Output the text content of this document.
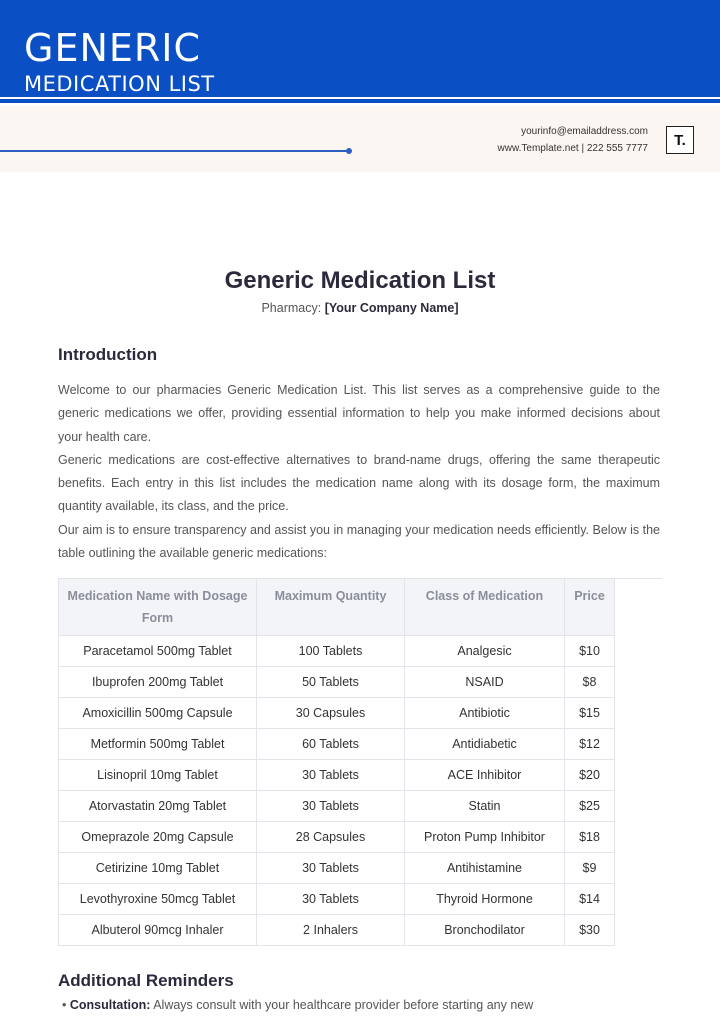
GENERIC
MEDICATION LIST
yourinfo@emailaddress.com
www.Template.net | 222 555 7777	T.
Generic Medication List
Pharmacy: [Your Company Name]
Introduction

Welcome to our pharmacies Generic Medication List. This list serves as a comprehensive guide to the generic medications we offer, providing essential information to help you make informed decisions about your health care.

Generic medications are cost-effective alternatives to brand-name drugs, offering the same therapeutic benefits. Each entry in this list includes the medication name along with its dosage form, the maximum quantity available, its class, and the price.

Our aim is to ensure transparency and assist you in managing your medication needs efficiently. Below is the table outlining the available generic medications:

Medication Name with Dosage Form	Maximum Quantity	Class of Medication	Price	
Paracetamol 500mg Tablet	100 Tablets	Analgesic	$10	
Ibuprofen 200mg Tablet	50 Tablets	NSAID	$8	
Amoxicillin 500mg Capsule	30 Capsules	Antibiotic	$15	
Metformin 500mg Tablet	60 Tablets	Antidiabetic	$12	
Lisinopril 10mg Tablet	30 Tablets	ACE Inhibitor	$20	
Atorvastatin 20mg Tablet	30 Tablets	Statin	$25	
Omeprazole 20mg Capsule	28 Capsules	Proton Pump Inhibitor	$18	
Cetirizine 10mg Tablet	30 Tablets	Antihistamine	$9	
Levothyroxine 50mcg Tablet	30 Tablets	Thyroid Hormone	$14	
Albuterol 90mcg Inhaler	2 Inhalers	Bronchodilator	$30	
Additional Reminders
• Consultation: Always consult with your healthcare provider before starting any new
